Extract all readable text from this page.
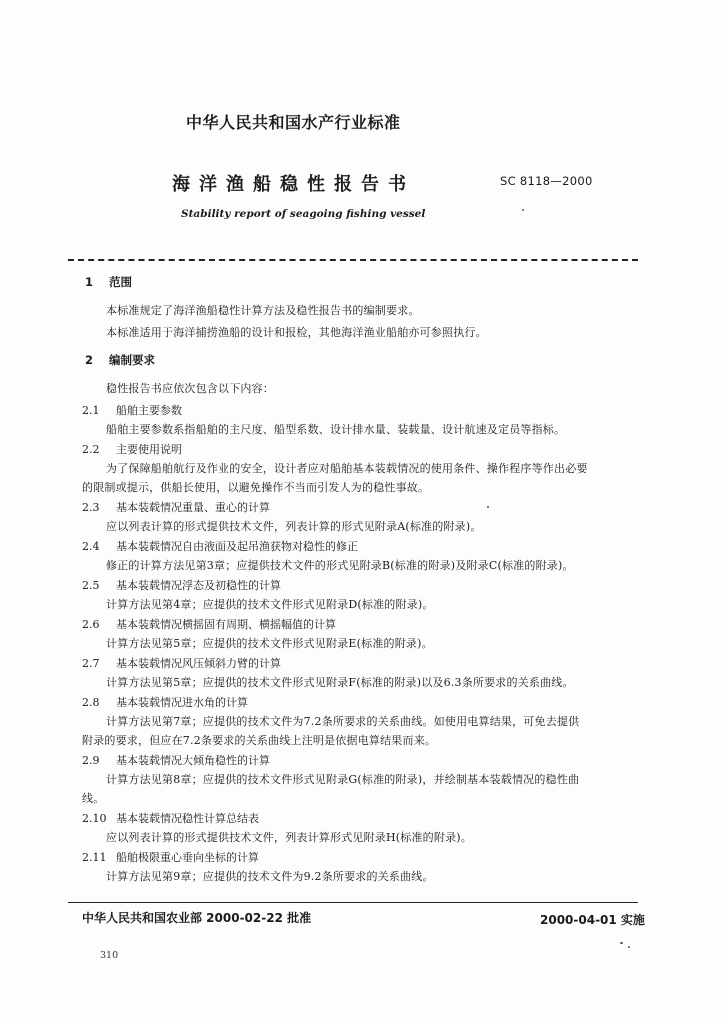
中华人民共和国水产行业标准
海洋渔船稳性报告书	SC 8118—2000
Stability report of seagoing fishing vessel
1 范围
本标准规定了海洋渔船稳性计算方法及稳性报告书的编制要求。
本标准适用于海洋捕捞渔船的设计和报检，其他海洋渔业船舶亦可参照执行。
2 编制要求
稳性报告书应依次包含以下内容：
2.1 船舶主要参数
船舶主要参数系指船舶的主尺度、船型系数、设计排水量、装载量、设计航速及定员等指标。
2.2 主要使用说明
为了保障船舶航行及作业的安全，设计者应对船舶基本装载情况的使用条件、操作程序等作出必要
的限制或提示，供船长使用，以避免操作不当而引发人为的稳性事故。
2.3 基本装载情况重量、重心的计算
应以列表计算的形式提供技术文件，列表计算的形式见附录A(标准的附录)。
2.4 基本装载情况自由液面及起吊渔获物对稳性的修正
修正的计算方法见第3章；应提供技术文件的形式见附录B(标准的附录)及附录C(标准的附录)。
2.5 基本装载情况浮态及初稳性的计算
计算方法见第4章；应提供的技术文件形式见附录D(标准的附录)。
2.6 基本装载情况横摇固有周期、横摇幅值的计算
计算方法见第5章；应提供的技术文件形式见附录E(标准的附录)。
2.7 基本装载情况风压倾斜力臂的计算
计算方法见第5章；应提供的技术文件形式见附录F(标准的附录)以及6.3条所要求的关系曲线。
2.8 基本装载情况进水角的计算
计算方法见第7章；应提供的技术文件为7.2条所要求的关系曲线。如使用电算结果，可免去提供
附录的要求，但应在7.2条要求的关系曲线上注明是依据电算结果而来。
2.9 基本装载情况大倾角稳性的计算
计算方法见第8章；应提供的技术文件形式见附录G(标准的附录)，并绘制基本装载情况的稳性曲
线。
2.10 基本装载情况稳性计算总结表
应以列表计算的形式提供技术文件，列表计算形式见附录H(标准的附录)。
2.11 船舶极限重心垂向坐标的计算
计算方法见第9章；应提供的技术文件为9.2条所要求的关系曲线。
中华人民共和国农业部 2000-02-22 批准	2000-04-01 实施
310
